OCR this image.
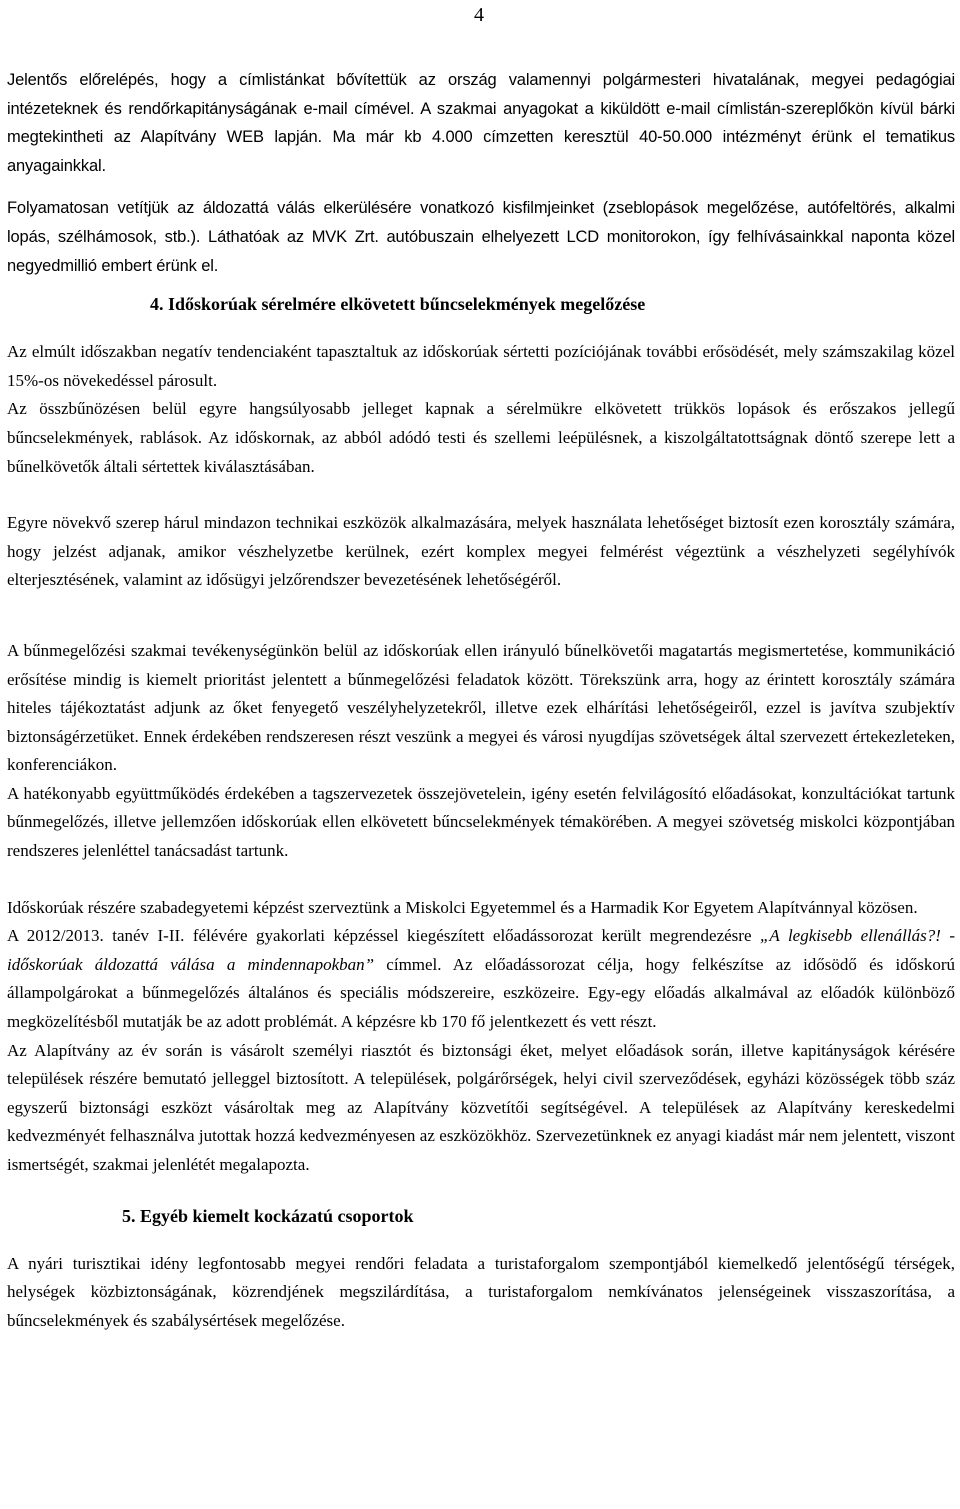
4

Jelentős előrelépés, hogy a címlistánkat bővítettük az ország valamennyi polgármesteri hivatalának, megyei pedagógiai intézeteknek és rendőrkapitányságának e-mail címével. A szakmai anyagokat a kiküldött e-mail címlistán-szereplőkön kívül bárki megtekintheti az Alapítvány WEB lapján. Ma már kb 4.000 címzetten keresztül 40-50.000 intézményt érünk el tematikus anyagainkkal.

Folyamatosan vetítjük az áldozattá válás elkerülésére vonatkozó kisfilmjeinket (zseblopások megelőzése, autófeltörés, alkalmi lopás, szélhámosok, stb.). Láthatóak az MVK Zrt. autóbuszain elhelyezett LCD monitorokon, így felhívásainkkal naponta közel negyedmillió embert érünk el.

4. Időskorúak sérelmére elkövetett bűncselekmények megelőzése

Az elmúlt időszakban negatív tendenciaként tapasztaltuk az időskorúak sértetti pozíciójának további erősödését, mely számszakilag közel 15%-os növekedéssel párosult.

Az összbűnözésen belül egyre hangsúlyosabb jelleget kapnak a sérelmükre elkövetett trükkös lopások és erőszakos jellegű bűncselekmények, rablások. Az időskornak, az abból adódó testi és szellemi leépülésnek, a kiszolgáltatottságnak döntő szerepe lett a bűnelkövetők általi sértettek kiválasztásában.

Egyre növekvő szerep hárul mindazon technikai eszközök alkalmazására, melyek használata lehetőséget biztosít ezen korosztály számára, hogy jelzést adjanak, amikor vészhelyzetbe kerülnek, ezért komplex megyei felmérést végeztünk a vészhelyzeti segélyhívók elterjesztésének, valamint az idősügyi jelzőrendszer bevezetésének lehetőségéről.

A bűnmegelőzési szakmai tevékenységünkön belül az időskorúak ellen irányuló bűnelkövetői magatartás megismertetése, kommunikáció erősítése mindig is kiemelt prioritást jelentett a bűnmegelőzési feladatok között. Törekszünk arra, hogy az érintett korosztály számára hiteles tájékoztatást adjunk az őket fenyegető veszélyhelyzetekről, illetve ezek elhárítási lehetőségeiről, ezzel is javítva szubjektív biztonságérzetüket. Ennek érdekében rendszeresen részt veszünk a megyei és városi nyugdíjas szövetségek által szervezett értekezleteken, konferenciákon.

A hatékonyabb együttműködés érdekében a tagszervezetek összejövetelein, igény esetén felvilágosító előadásokat, konzultációkat tartunk bűnmegelőzés, illetve jellemzően időskorúak ellen elkövetett bűncselekmények témakörében. A megyei szövetség miskolci központjában rendszeres jelenléttel tanácsadást tartunk.

Időskorúak részére szabadegyetemi képzést szerveztünk a Miskolci Egyetemmel és a Harmadik Kor Egyetem Alapítvánnyal közösen.

A 2012/2013. tanév I-II. félévére gyakorlati képzéssel kiegészített előadássorozat került megrendezésre „A legkisebb ellenállás?! - időskorúak áldozattá válása a mindennapokban” címmel. Az előadássorozat célja, hogy felkészítse az idősödő és időskorú állampolgárokat a bűnmegelőzés általános és speciális módszereire, eszközeire. Egy-egy előadás alkalmával az előadók különböző megközelítésből mutatják be az adott problémát. A képzésre kb 170 fő jelentkezett és vett részt.

Az Alapítvány az év során is vásárolt személyi riasztót és biztonsági éket, melyet előadások során, illetve kapitányságok kérésére települések részére bemutató jelleggel biztosított. A települések, polgárőrségek, helyi civil szerveződések, egyházi közösségek több száz egyszerű biztonsági eszközt vásároltak meg az Alapítvány közvetítői segítségével. A települések az Alapítvány kereskedelmi kedvezményét felhasználva jutottak hozzá kedvezményesen az eszközökhöz. Szervezetünknek ez anyagi kiadást már nem jelentett, viszont ismertségét, szakmai jelenlétét megalapozta.

5. Egyéb kiemelt kockázatú csoportok

A nyári turisztikai idény legfontosabb megyei rendőri feladata a turistaforgalom szempontjából kiemelkedő jelentőségű térségek, helységek közbiztonságának, közrendjének megszilárdítása, a turistaforgalom nemkívánatos jelenségeinek visszaszorítása, a bűncselekmények és szabálysértések megelőzése.
